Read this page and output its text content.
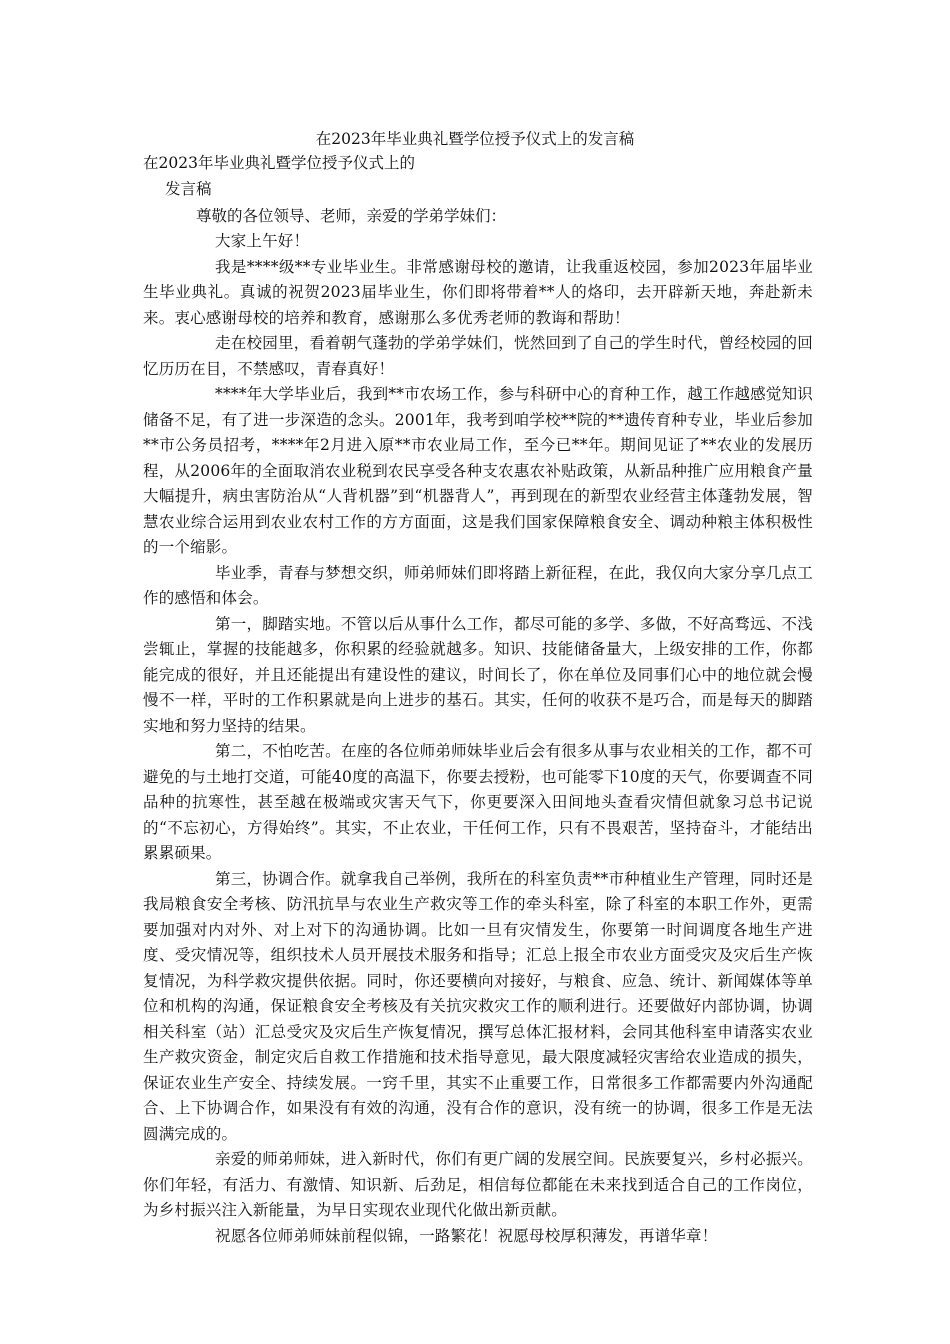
在2023年毕业典礼暨学位授予仪式上的发言稿
在2023年毕业典礼暨学位授予仪式上的
发言稿
尊敬的各位领导、老师，亲爱的学弟学妹们：

大家上午好！

我是****级**专业毕业生。非常感谢母校的邀请，让我重返校园，参加2023年届毕业生毕业典礼。真诚的祝贺2023届毕业生，你们即将带着**人的烙印，去开辟新天地，奔赴新未来。衷心感谢母校的培养和教育，感谢那么多优秀老师的教诲和帮助！

走在校园里，看着朝气蓬勃的学弟学妹们，恍然回到了自己的学生时代，曾经校园的回忆历历在目，不禁感叹，青春真好！

****年大学毕业后，我到**市农场工作，参与科研中心的育种工作，越工作越感觉知识储备不足，有了进一步深造的念头。2001年，我考到咱学校**院的**遗传育种专业，毕业后参加**市公务员招考，****年2月进入原**市农业局工作，至今已**年。期间见证了**农业的发展历程，从2006年的全面取消农业税到农民享受各种支农惠农补贴政策，从新品种推广应用粮食产量大幅提升，病虫害防治从“人背机器”到“机器背人”，再到现在的新型农业经营主体蓬勃发展，智慧农业综合运用到农业农村工作的方方面面，这是我们国家保障粮食安全、调动种粮主体积极性的一个缩影。

毕业季，青春与梦想交织，师弟师妹们即将踏上新征程，在此，我仅向大家分享几点工作的感悟和体会。

第一，脚踏实地。不管以后从事什么工作，都尽可能的多学、多做，不好高骛远、不浅尝辄止，掌握的技能越多，你积累的经验就越多。知识、技能储备量大，上级安排的工作，你都能完成的很好，并且还能提出有建设性的建议，时间长了，你在单位及同事们心中的地位就会慢慢不一样，平时的工作积累就是向上进步的基石。其实，任何的收获不是巧合，而是每天的脚踏实地和努力坚持的结果。

第二，不怕吃苦。在座的各位师弟师妹毕业后会有很多从事与农业相关的工作，都不可避免的与土地打交道，可能40度的高温下，你要去授粉，也可能零下10度的天气，你要调查不同品种的抗寒性，甚至越在极端或灾害天气下，你更要深入田间地头查看灾情但就象习总书记说的“不忘初心，方得始终”。其实，不止农业，干任何工作，只有不畏艰苦，坚持奋斗，才能结出累累硕果。

第三，协调合作。就拿我自己举例，我所在的科室负责**市种植业生产管理，同时还是我局粮食安全考核、防汛抗旱与农业生产救灾等工作的牵头科室，除了科室的本职工作外，更需要加强对内对外、对上对下的沟通协调。比如一旦有灾情发生，你要第一时间调度各地生产进度、受灾情况等，组织技术人员开展技术服务和指导；汇总上报全市农业方面受灾及灾后生产恢复情况，为科学救灾提供依据。同时，你还要横向对接好，与粮食、应急、统计、新闻媒体等单位和机构的沟通，保证粮食安全考核及有关抗灾救灾工作的顺利进行。还要做好内部协调，协调相关科室（站）汇总受灾及灾后生产恢复情况，撰写总体汇报材料，会同其他科室申请落实农业生产救灾资金，制定灾后自救工作措施和技术指导意见，最大限度减轻灾害给农业造成的损失，保证农业生产安全、持续发展。一窍千里，其实不止重要工作，日常很多工作都需要内外沟通配合、上下协调合作，如果没有有效的沟通，没有合作的意识，没有统一的协调，很多工作是无法圆满完成的。

亲爱的师弟师妹，进入新时代，你们有更广阔的发展空间。民族要复兴，乡村必振兴。你们年轻，有活力、有激情、知识新、后劲足，相信每位都能在未来找到适合自己的工作岗位，为乡村振兴注入新能量，为早日实现农业现代化做出新贡献。

祝愿各位师弟师妹前程似锦，一路繁花！祝愿母校厚积薄发，再谱华章！
